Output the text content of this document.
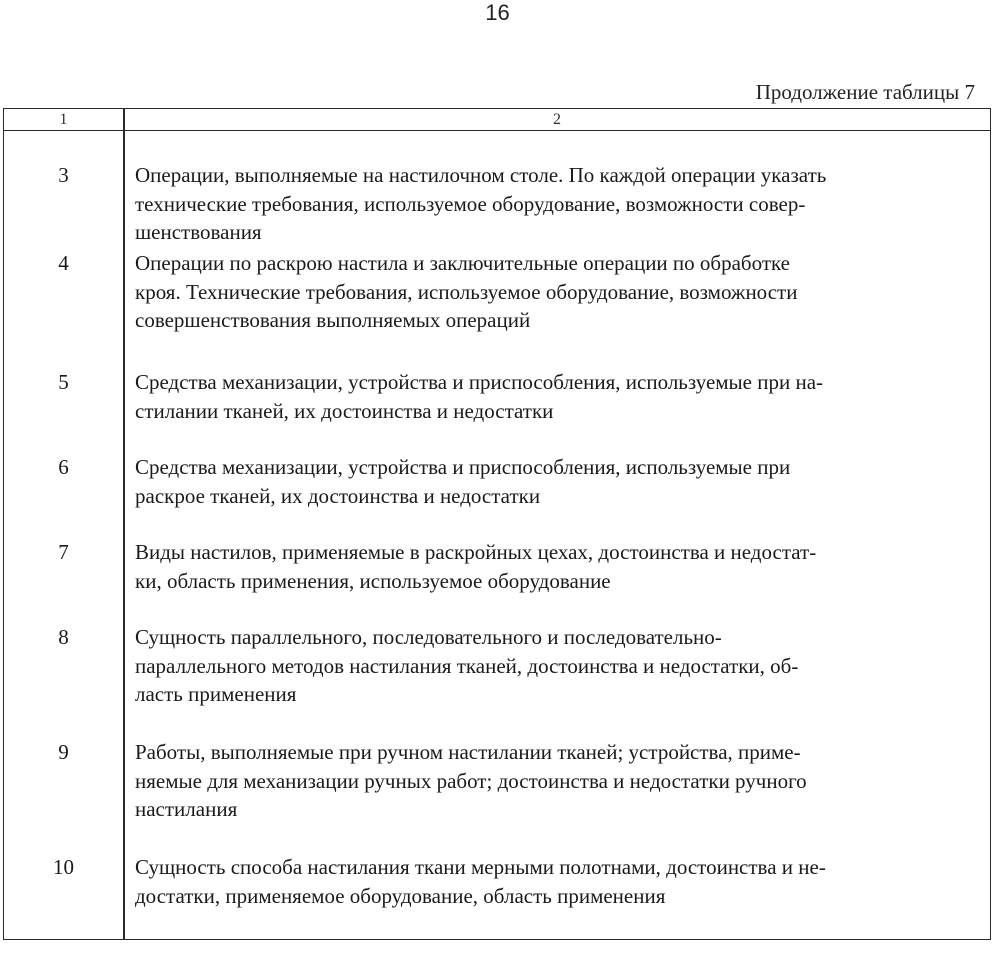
16
Продолжение таблицы 7
1	2
3	Операции, выполняемые на настилочном столе. По каждой операции указать
технические требования, используемое оборудование, возможности совер-
шенствования
4	Операции по раскрою настила и заключительные операции по обработке
кроя. Технические требования, используемое оборудование, возможности
совершенствования выполняемых операций
5	Средства механизации, устройства и приспособления, используемые при на-
стилании тканей, их достоинства и недостатки
6	Средства механизации, устройства и приспособления, используемые при
раскрое тканей, их достоинства и недостатки
7	Виды настилов, применяемые в раскройных цехах, достоинства и недостат-
ки, область применения, используемое оборудование
8	Сущность параллельного, последовательного и последовательно-
параллельного методов настилания тканей, достоинства и недостатки, об-
ласть применения
9	Работы, выполняемые при ручном настилании тканей; устройства, приме-
няемые для механизации ручных работ; достоинства и недостатки ручного
настилания
10	Сущность способа настилания ткани мерными полотнами, достоинства и не-
достатки, применяемое оборудование, область применения
